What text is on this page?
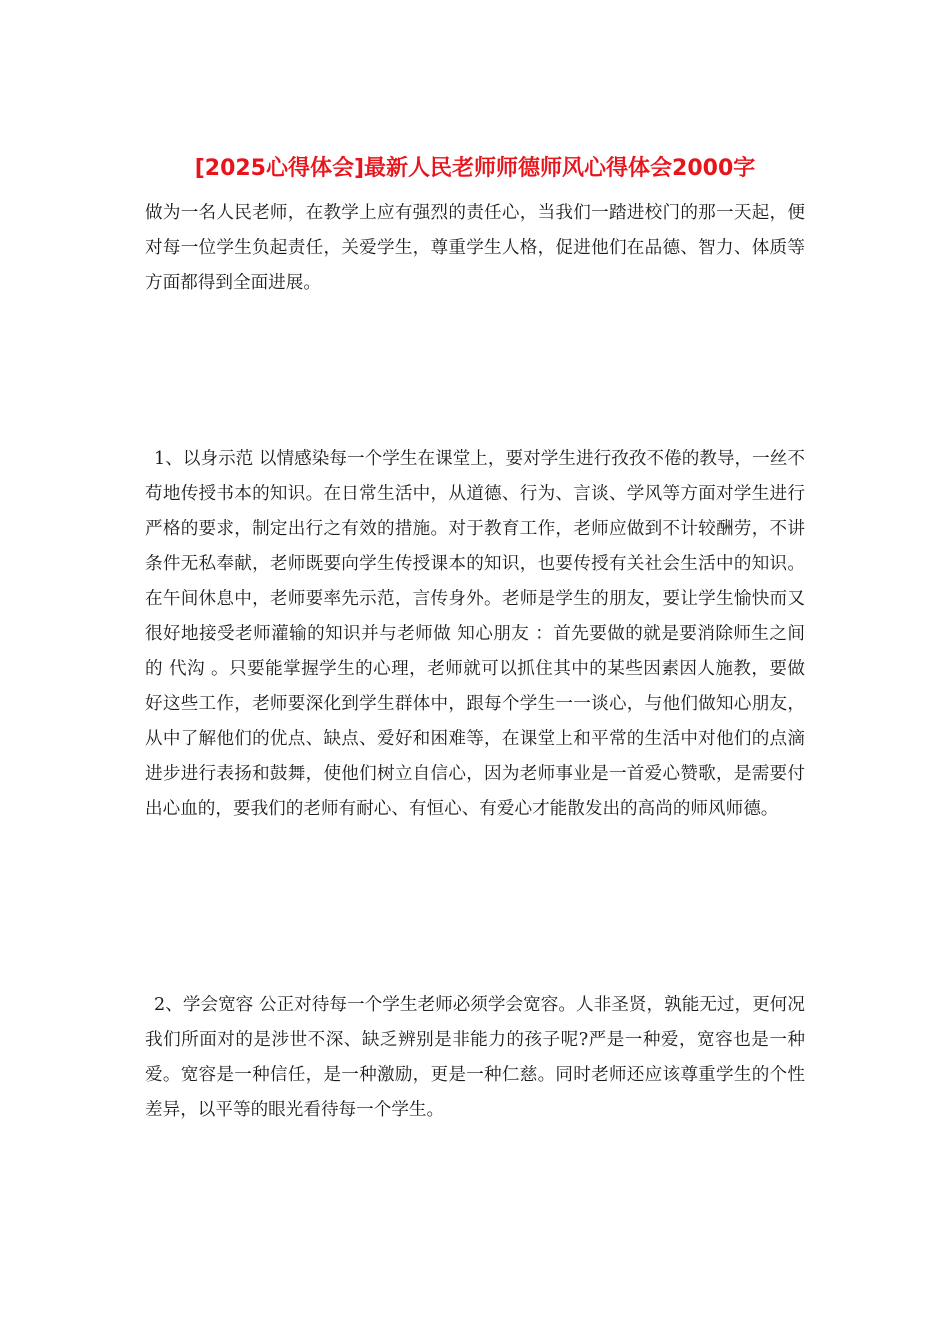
[2025心得体会]最新人民老师师德师风心得体会2000字

做为一名人民老师，在教学上应有强烈的责任心，当我们一踏进校门的那一天起，便对每一位学生负起责任，关爱学生，尊重学生人格，促进他们在品德、智力、体质等方面都得到全面进展。

1、以身示范 以情感染每一个学生在课堂上，要对学生进行孜孜不倦的教导，一丝不苟地传授书本的知识。在日常生活中，从道德、行为、言谈、学风等方面对学生进行严格的要求，制定出行之有效的措施。对于教育工作，老师应做到不计较酬劳，不讲条件无私奉献，老师既要向学生传授课本的知识，也要传授有关社会生活中的知识。在午间休息中，老师要率先示范，言传身外。老师是学生的朋友，要让学生愉快而又很好地接受老师灌输的知识并与老师做 知心朋友 ：首先要做的就是要消除师生之间的 代沟 。只要能掌握学生的心理，老师就可以抓住其中的某些因素因人施教，要做好这些工作，老师要深化到学生群体中，跟每个学生一一谈心，与他们做知心朋友，从中了解他们的优点、缺点、爱好和困难等，在课堂上和平常的生活中对他们的点滴进步进行表扬和鼓舞，使他们树立自信心，因为老师事业是一首爱心赞歌，是需要付出心血的，要我们的老师有耐心、有恒心、有爱心才能散发出的高尚的师风师德。

2、学会宽容 公正对待每一个学生老师必须学会宽容。人非圣贤，孰能无过，更何况我们所面对的是涉世不深、缺乏辨别是非能力的孩子呢?严是一种爱，宽容也是一种爱。宽容是一种信任，是一种激励，更是一种仁慈。同时老师还应该尊重学生的个性差异，以平等的眼光看待每一个学生。
